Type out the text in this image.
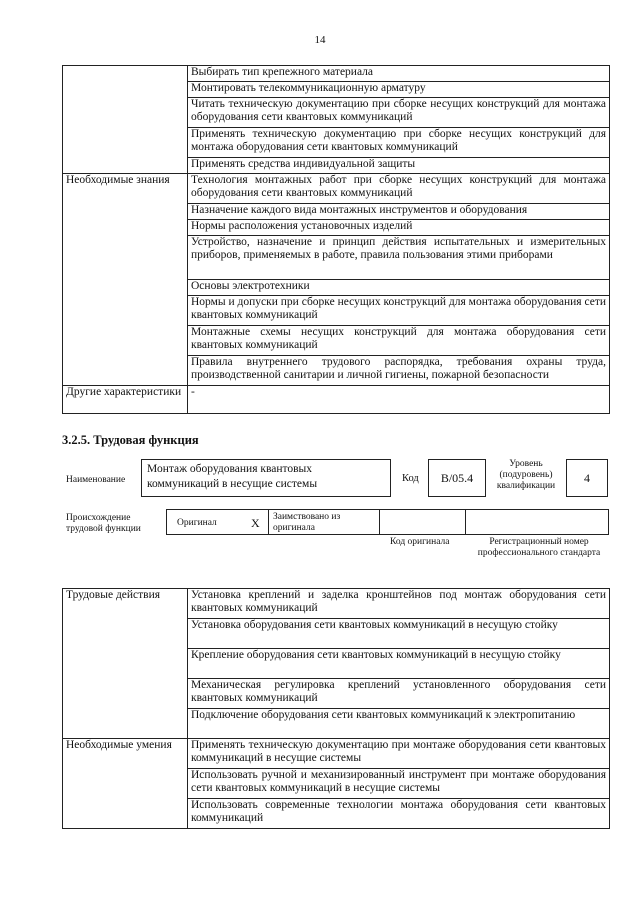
14
	Выбирать тип крепежного материала
	Монтировать телекоммуникационную арматуру
	Читать техническую документацию при сборке несущих конструкций для монтажа оборудования сети квантовых коммуникаций
	Применять техническую документацию при сборке несущих конструкций для монтажа оборудования сети квантовых коммуникаций
	Применять средства индивидуальной защиты
Необходимые знания	Технология монтажных работ при сборке несущих конструкций для монтажа оборудования сети квантовых коммуникаций
	Назначение каждого вида монтажных инструментов и оборудования
	Нормы расположения установочных изделий
	Устройство, назначение и принцип действия испытательных и измерительных приборов, применяемых в работе, правила пользования этими приборами
	Основы электротехники
	Нормы и допуски при сборке несущих конструкций для монтажа оборудования сети квантовых коммуникаций
	Монтажные схемы несущих конструкций для монтажа оборудования сети квантовых коммуникаций
	Правила внутреннего трудового распорядка, требования охраны труда, производственной санитарии и личной гигиены, пожарной безопасности
Другие характеристики	-
3.2.5. Трудовая функция
Наименование
Монтаж оборудования квантовых коммуникаций в несущие системы	Код	B/05.4
Уровень (подуровень) квалификации
4
Происхождение трудовой функции
Оригинал	X Заимствовано из оригинала
Код оригинала	Регистрационный номер профессионального стандарта
Трудовые действия	Установка креплений и заделка кронштейнов под монтаж оборудования сети квантовых коммуникаций
	Установка оборудования сети квантовых коммуникаций в несущую стойку
	Крепление оборудования сети квантовых коммуникаций в несущую стойку
	Механическая регулировка креплений установленного оборудования сети квантовых коммуникаций
	Подключение оборудования сети квантовых коммуникаций к электропитанию
Необходимые умения	Применять техническую документацию при монтаже оборудования сети квантовых коммуникаций в несущие системы
	Использовать ручной и механизированный инструмент при монтаже оборудования сети квантовых коммуникаций в несущие системы
	Использовать современные технологии монтажа оборудования сети квантовых коммуникаций
